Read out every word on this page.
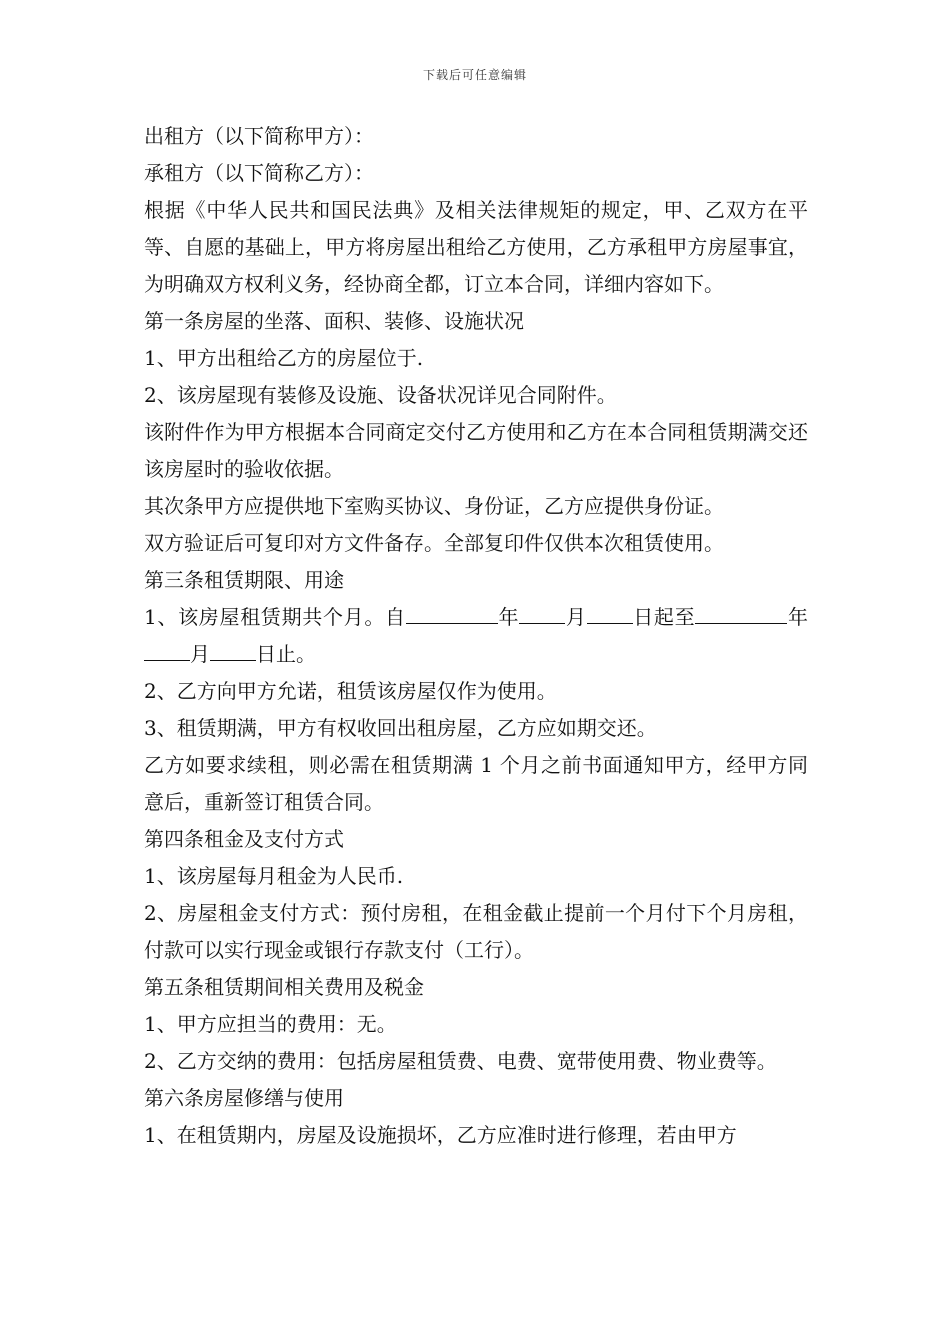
下载后可任意编辑

出租方（以下简称甲方）：

承租方（以下简称乙方）：

根据《中华人民共和国民法典》及相关法律规矩的规定，甲、乙双方在平等、自愿的基础上，甲方将房屋出租给乙方使用，乙方承租甲方房屋事宜，为明确双方权利义务，经协商全都，订立本合同，详细内容如下。

第一条房屋的坐落、面积、装修、设施状况

1、甲方出租给乙方的房屋位于.

2、该房屋现有装修及设施、设备状况详见合同附件。

该附件作为甲方根据本合同商定交付乙方使用和乙方在本合同租赁期满交还该房屋时的验收依据。

其次条甲方应提供地下室购买协议、身份证，乙方应提供身份证。

双方验证后可复印对方文件备存。全部复印件仅供本次租赁使用。

第三条租赁期限、用途

1、该房屋租赁期共个月。自	年 月 日起至	年月 日止。

2、乙方向甲方允诺，租赁该房屋仅作为使用。

3、租赁期满，甲方有权收回出租房屋，乙方应如期交还。

乙方如要求续租，则必需在租赁期满 1 个月之前书面通知甲方，经甲方同意后，重新签订租赁合同。

第四条租金及支付方式

1、该房屋每月租金为人民币.

2、房屋租金支付方式：预付房租，在租金截止提前一个月付下个月房租，付款可以实行现金或银行存款支付（工行）。

第五条租赁期间相关费用及税金

1、甲方应担当的费用：无。

2、乙方交纳的费用：包括房屋租赁费、电费、宽带使用费、物业费等。

第六条房屋修缮与使用

1、在租赁期内，房屋及设施损坏，乙方应准时进行修理，若由甲方
